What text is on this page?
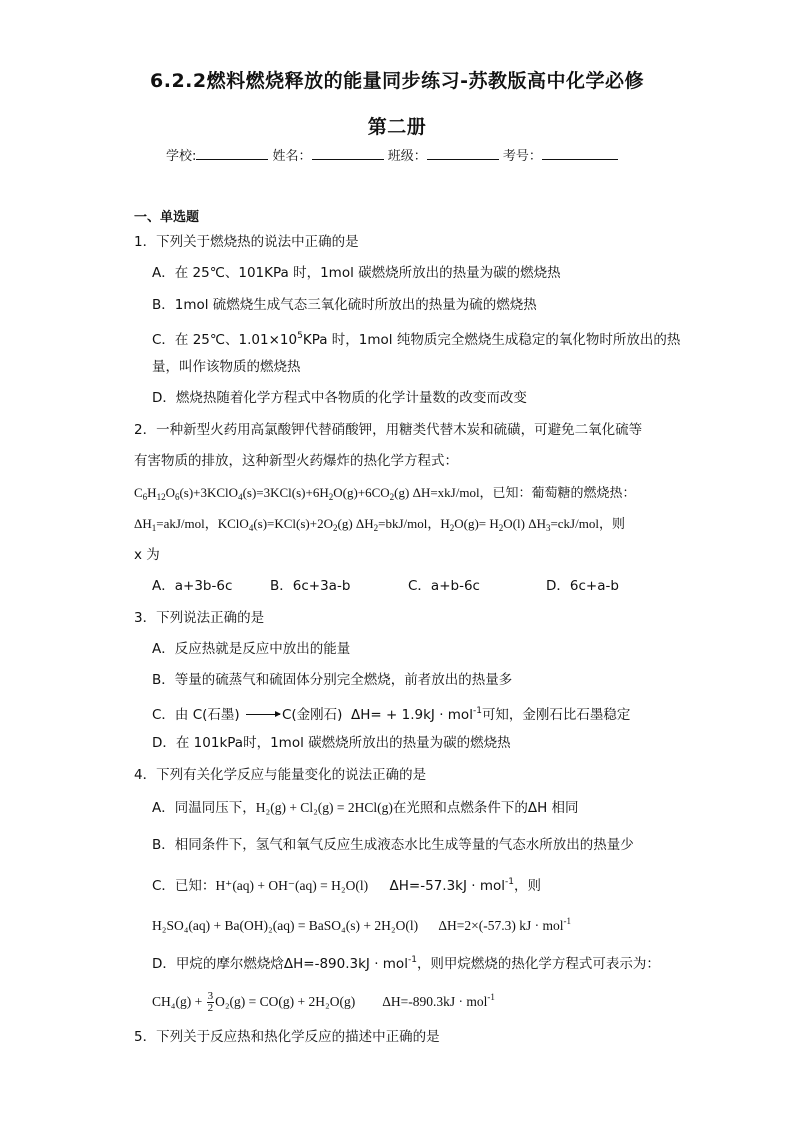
6.2.2燃料燃烧释放的能量同步练习-苏教版高中化学必修
第二册
学校:	姓名：	班级：	考号：
一、单选题
1．下列关于燃烧热的说法中正确的是
A．在 25℃、101KPa 时，1mol 碳燃烧所放出的热量为碳的燃烧热
B．1mol 硫燃烧生成气态三氧化硫时所放出的热量为硫的燃烧热
C．在 25℃、$1.01\times 10^5KPa$ 时，1mol 纯物质完全燃烧生成稳定的氧化物时所放出的热
量，叫作该物质的燃烧热
D．燃烧热随着化学方程式中各物质的化学计量数的改变而改变
2．一种新型火药用高氯酸钾代替硝酸钾，用糖类代替木炭和硫磺，可避免二氧化硫等
有害物质的排放，这种新型火药爆炸的热化学方程式：
$C_6H_{12}O_6(s)+3KClO_4(s)=3KCl(s)+6H_2O(g)+6CO_2(g)$ ΔH=xkJ/mol，已知：葡萄糖的燃烧热：
$\Delta H_1=akJ$/mol，$KClO_4(s)=KCl(s)+2O_2(g)$ $\Delta H_2=bkJ$/mol，$H_2O(g)= H_2O(l)$ $\Delta H_3=ckJ$/mol，则
x 为
A．a+3b-6c	B．6c+3a-b	C．a+b-6c	D．6c+a-b
3．下列说法正确的是
A．反应热就是反应中放出的能量
B．等量的硫蒸气和硫固体分别完全燃烧，前者放出的热量多
C．由 C(石墨)	C(金刚石) ΔH= + 1.9kJ · mol$^{-1}$可知，金刚石比石墨稳定
D．在 101kPa时，1mol 碳燃烧所放出的热量为碳的燃烧热
4．下列有关化学反应与能量变化的说法正确的是
A．同温同压下，H₂(g) + Cl₂(g) = 2HCl(g)在光照和点燃条件下的ΔH 相同
B．相同条件下，氢气和氧气反应生成液态水比生成等量的气态水所放出的热量少
C．已知：H⁺(aq) + OH⁻(aq) = H₂O(l) ΔH=-57.3kJ · mol$^{-1}$，则
H₂SO₄(aq) + Ba(OH)₂(aq) = BaSO₄(s) + 2H₂O(l) ΔH=2×(-57.3) kJ · mol$^{-1}$
D．甲烷的摩尔燃烧焓ΔH=-890.3kJ · mol$^{-1}$，则甲烷燃烧的热化学方程式可表示为：
$CH_4(g) + \frac{3}{2} O_2(g) = CO(g) + 2H_2O(g) \Delta H=-890.3kJ \cdot mol^{-1}$
5．下列关于反应热和热化学反应的描述中正确的是
